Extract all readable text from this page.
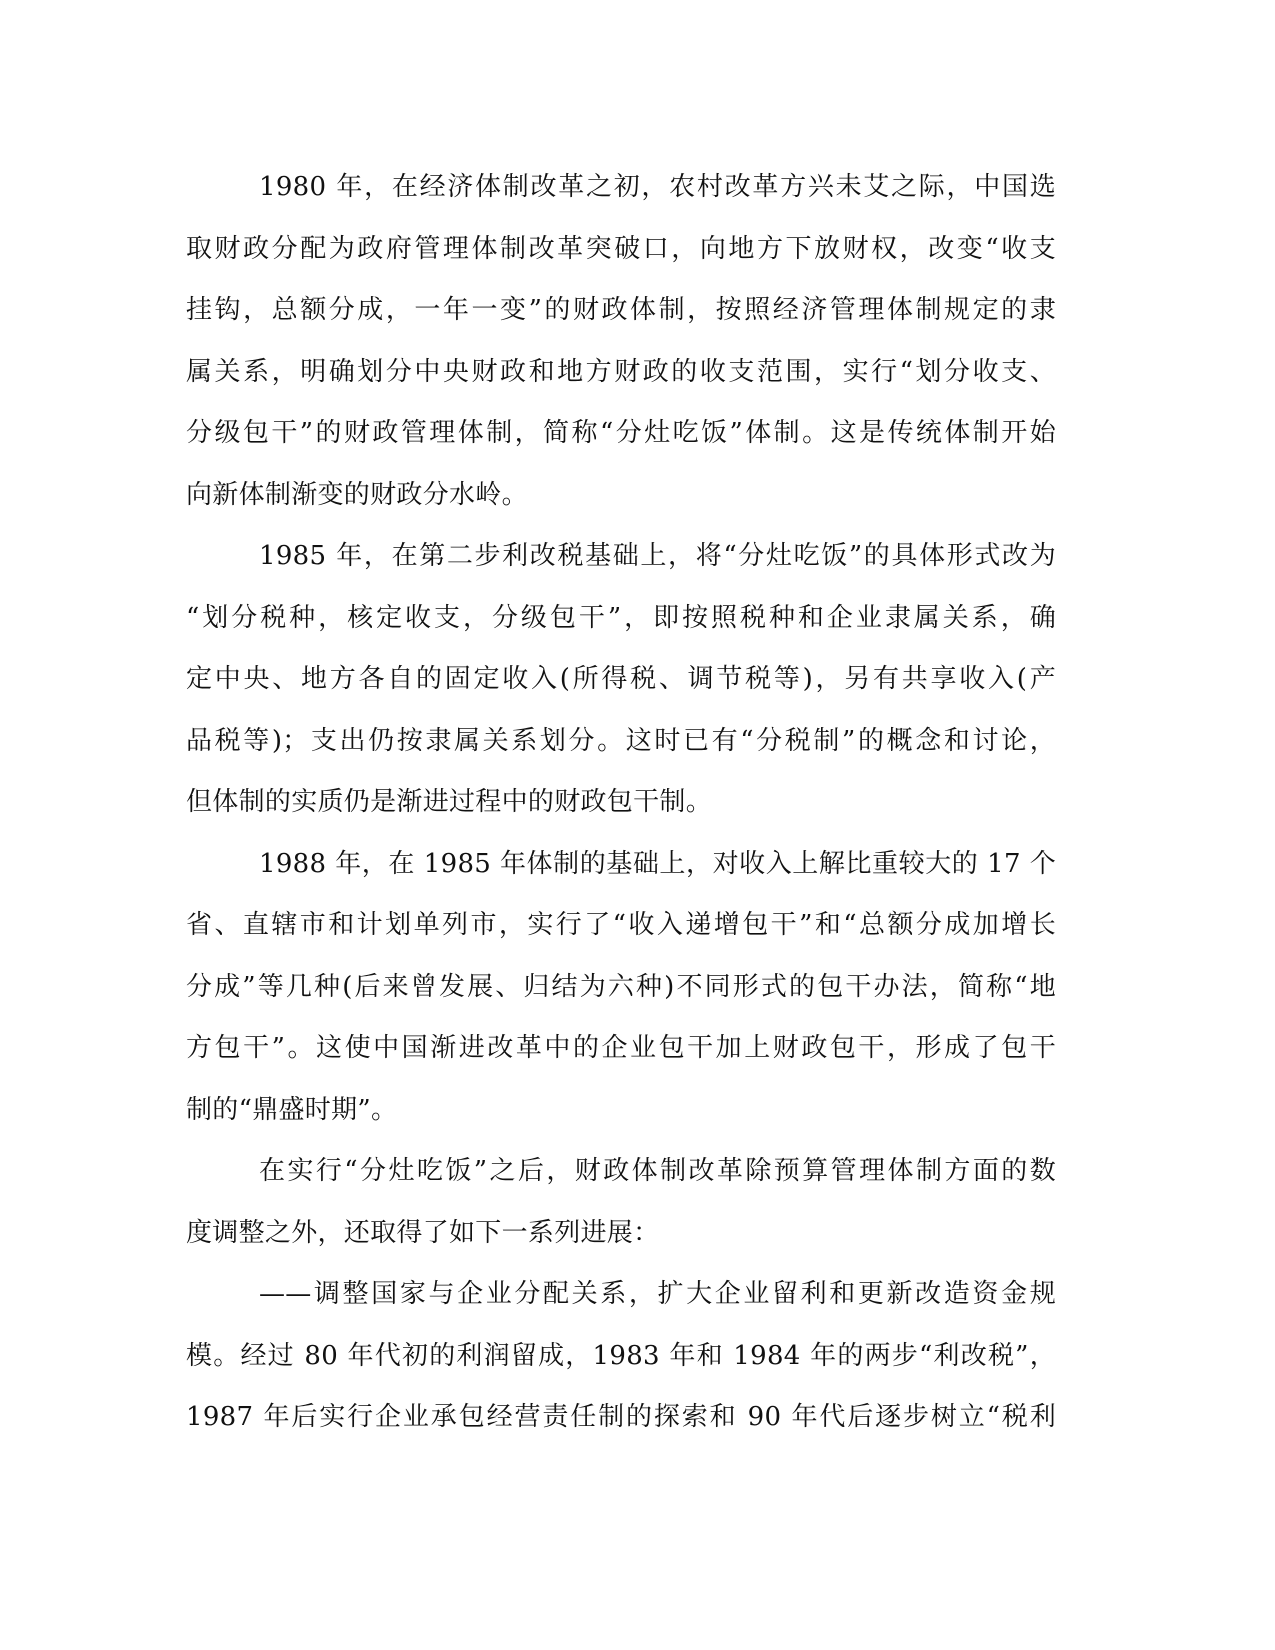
1980 年，在经济体制改革之初，农村改革方兴未艾之际，中国选
取财政分配为政府管理体制改革突破口，向地方下放财权，改变“收支
挂钩，总额分成，一年一变”的财政体制，按照经济管理体制规定的隶
属关系，明确划分中央财政和地方财政的收支范围，实行“划分收支、
分级包干”的财政管理体制，简称“分灶吃饭”体制。这是传统体制开始
向新体制渐变的财政分水岭。
1985 年，在第二步利改税基础上，将“分灶吃饭”的具体形式改为
“划分税种，核定收支，分级包干”，即按照税种和企业隶属关系，确
定中央、地方各自的固定收入(所得税、调节税等)，另有共享收入(产
品税等)；支出仍按隶属关系划分。这时已有“分税制”的概念和讨论，
但体制的实质仍是渐进过程中的财政包干制。
1988 年，在 1985 年体制的基础上，对收入上解比重较大的 17 个
省、直辖市和计划单列市，实行了“收入递增包干”和“总额分成加增长
分成”等几种(后来曾发展、归结为六种)不同形式的包干办法，简称“地
方包干”。这使中国渐进改革中的企业包干加上财政包干，形成了包干
制的“鼎盛时期”。
在实行“分灶吃饭”之后，财政体制改革除预算管理体制方面的数
度调整之外，还取得了如下一系列进展：
——调整国家与企业分配关系，扩大企业留利和更新改造资金规
模。经过 80 年代初的利润留成，1983 年和 1984 年的两步“利改税”，
1987 年后实行企业承包经营责任制的探索和 90 年代后逐步树立“税利
